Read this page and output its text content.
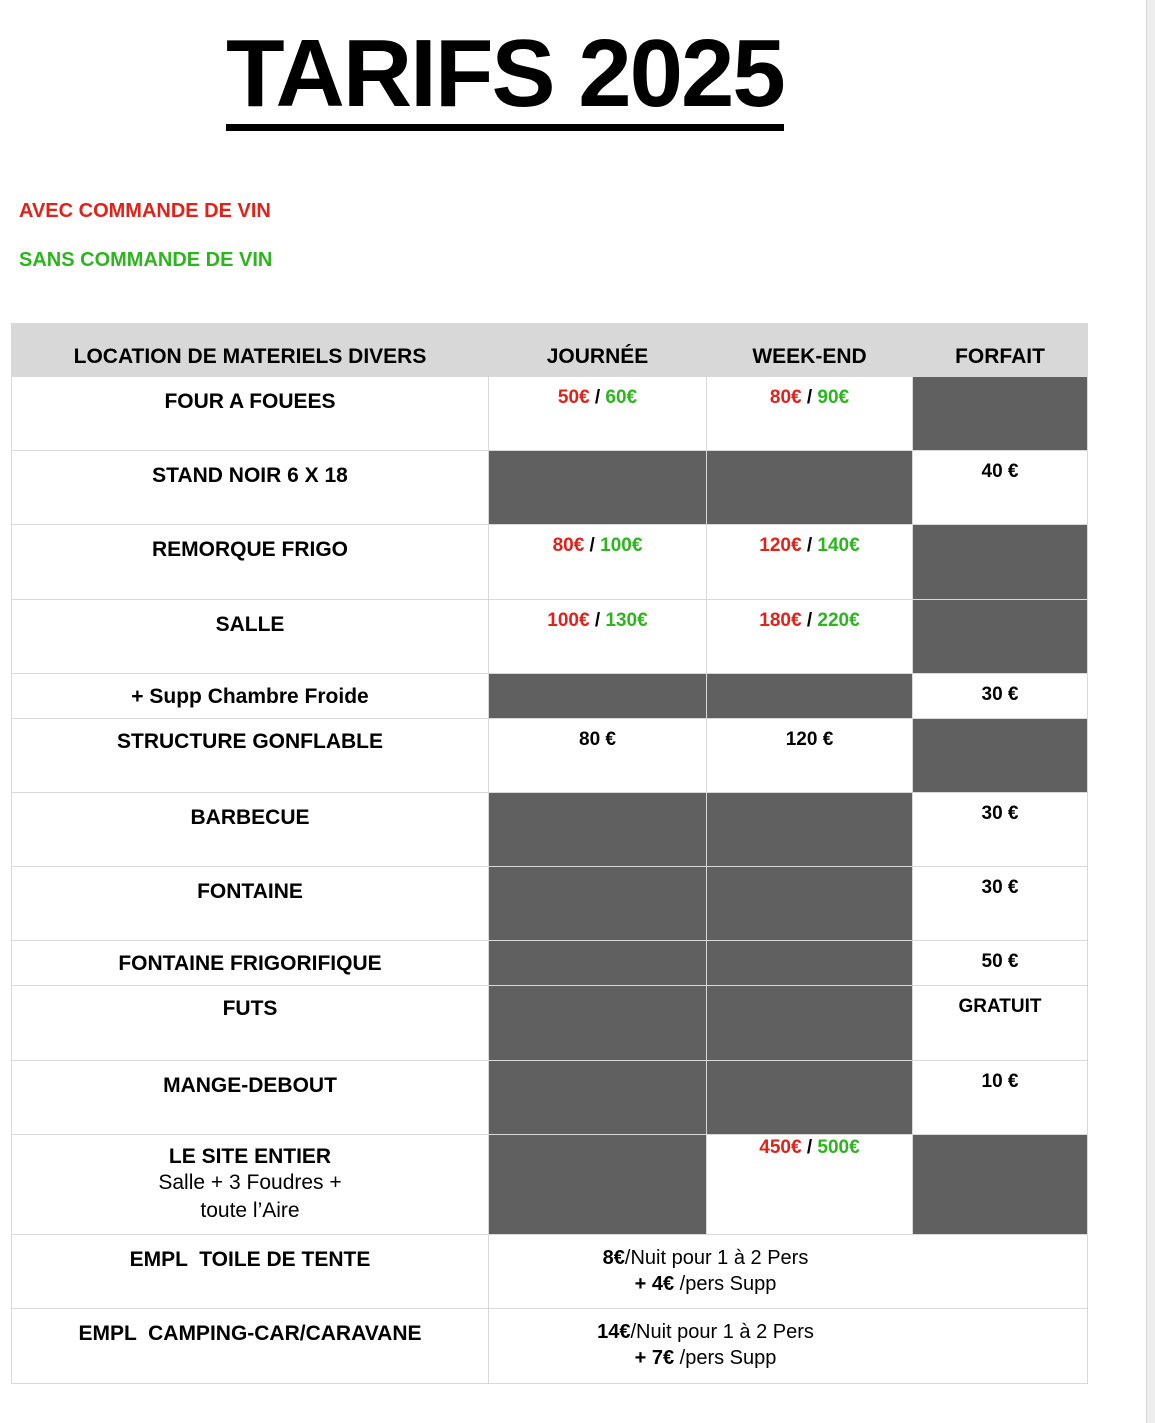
TARIFS 2025
AVEC COMMANDE DE VIN
SANS COMMANDE DE VIN
LOCATION DE MATERIELS DIVERS	JOURNÉE	WEEK-END	FORFAIT

FOUR A FOUEES	50€ / 60€	80€ / 90€	

STAND NOIR 6 X 18			40 €

REMORQUE FRIGO	80€ / 100€	120€ / 140€	

SALLE	100€ / 130€	180€ / 220€	

+ Supp Chambre Froide			30 €

STRUCTURE GONFLABLE	80 €	120 €	

BARBECUE			30 €

FONTAINE			30 €

FONTAINE FRIGORIFIQUE			50 €

FUTS			GRATUIT

MANGE-DEBOUT			10 €

LE SITE ENTIER
Salle + 3 Foudres +
toute l’Aire		450€ / 500€	

EMPL  TOILE DE TENTE	8€/Nuit pour 1 à 2 Pers
+ 4€ /pers Supp		

EMPL  CAMPING-CAR/CARAVANE	14€/Nuit pour 1 à 2 Pers
+ 7€ /pers Supp		
